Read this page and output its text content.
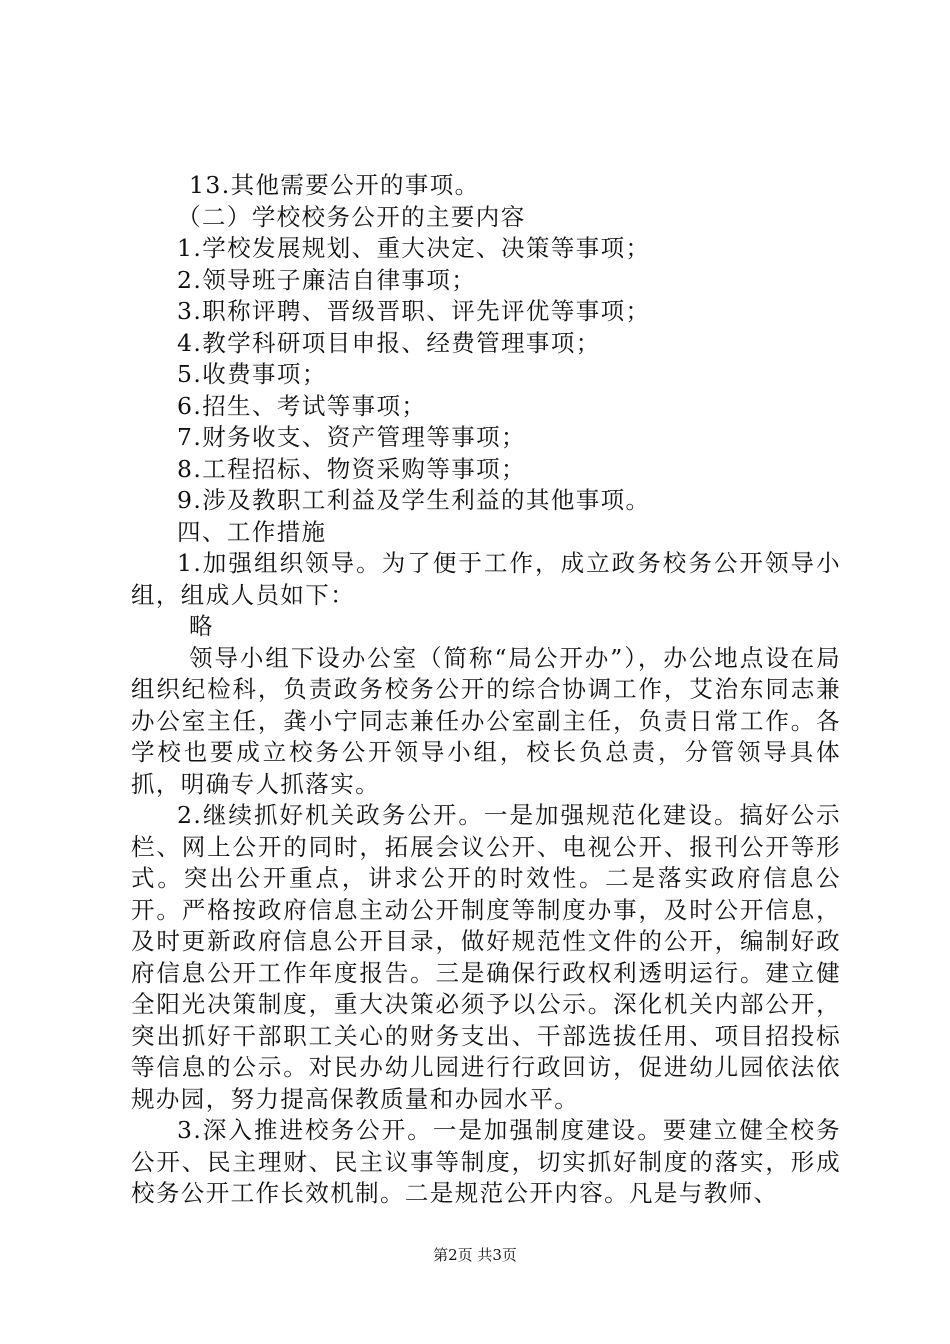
13.其他需要公开的事项。

（二）学校校务公开的主要内容

1.学校发展规划、重大决定、决策等事项；

2.领导班子廉洁自律事项；

3.职称评聘、晋级晋职、评先评优等事项；

4.教学科研项目申报、经费管理事项；

5.收费事项；

6.招生、考试等事项；

7.财务收支、资产管理等事项；

8.工程招标、物资采购等事项；

9.涉及教职工利益及学生利益的其他事项。

四、工作措施

1.加强组织领导。为了便于工作，成立政务校务公开领导小组，组成人员如下：

略

领导小组下设办公室（简称“局公开办”），办公地点设在局组织纪检科，负责政务校务公开的综合协调工作，艾治东同志兼办公室主任，龚小宁同志兼任办公室副主任，负责日常工作。各学校也要成立校务公开领导小组，校长负总责，分管领导具体抓，明确专人抓落实。

2.继续抓好机关政务公开。一是加强规范化建设。搞好公示栏、网上公开的同时，拓展会议公开、电视公开、报刊公开等形式。突出公开重点，讲求公开的时效性。二是落实政府信息公开。严格按政府信息主动公开制度等制度办事，及时公开信息，及时更新政府信息公开目录，做好规范性文件的公开，编制好政府信息公开工作年度报告。三是确保行政权利透明运行。建立健全阳光决策制度，重大决策必须予以公示。深化机关内部公开，突出抓好干部职工关心的财务支出、干部选拔任用、项目招投标等信息的公示。对民办幼儿园进行行政回访，促进幼儿园依法依规办园，努力提高保教质量和办园水平。

3.深入推进校务公开。一是加强制度建设。要建立健全校务公开、民主理财、民主议事等制度，切实抓好制度的落实，形成校务公开工作长效机制。二是规范公开内容。凡是与教师、

第2页 共3页
